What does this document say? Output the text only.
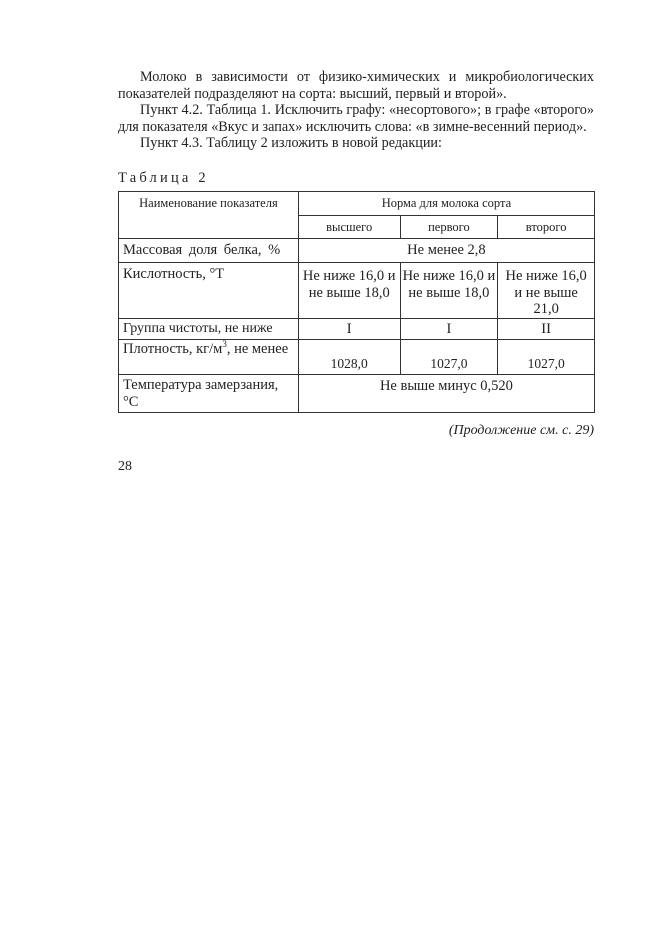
Молоко в зависимости от физико-химических и микробиологических показателей подразделяют на сорта: высший, первый и второй».

Пункт 4.2. Таблица 1. Исключить графу: «несортового»; в графе «второго» для показателя «Вкус и запах» исключить слова: «в зимне-весенний период».

Пункт 4.3. Таблицу 2 изложить в новой редакции:

Таблица 2
Наименование показателя	Норма для молока сорта		
	высшего	первого	второго
Массовая доля белка, %	Не менее 2,8		
Кислотность, °Т	Не ниже 16,0 и не выше 18,0	Не ниже 16,0 и не выше 18,0	Не ниже 16,0 и не выше 21,0
Группа чистоты, не ниже	I	I	II
Плотность, $кг/м^3$, не менее	1028,0	1027,0	1027,0
Температура замерзания, °С	Не выше минус 0,520		
(Продолжение см. с. 29)
28
